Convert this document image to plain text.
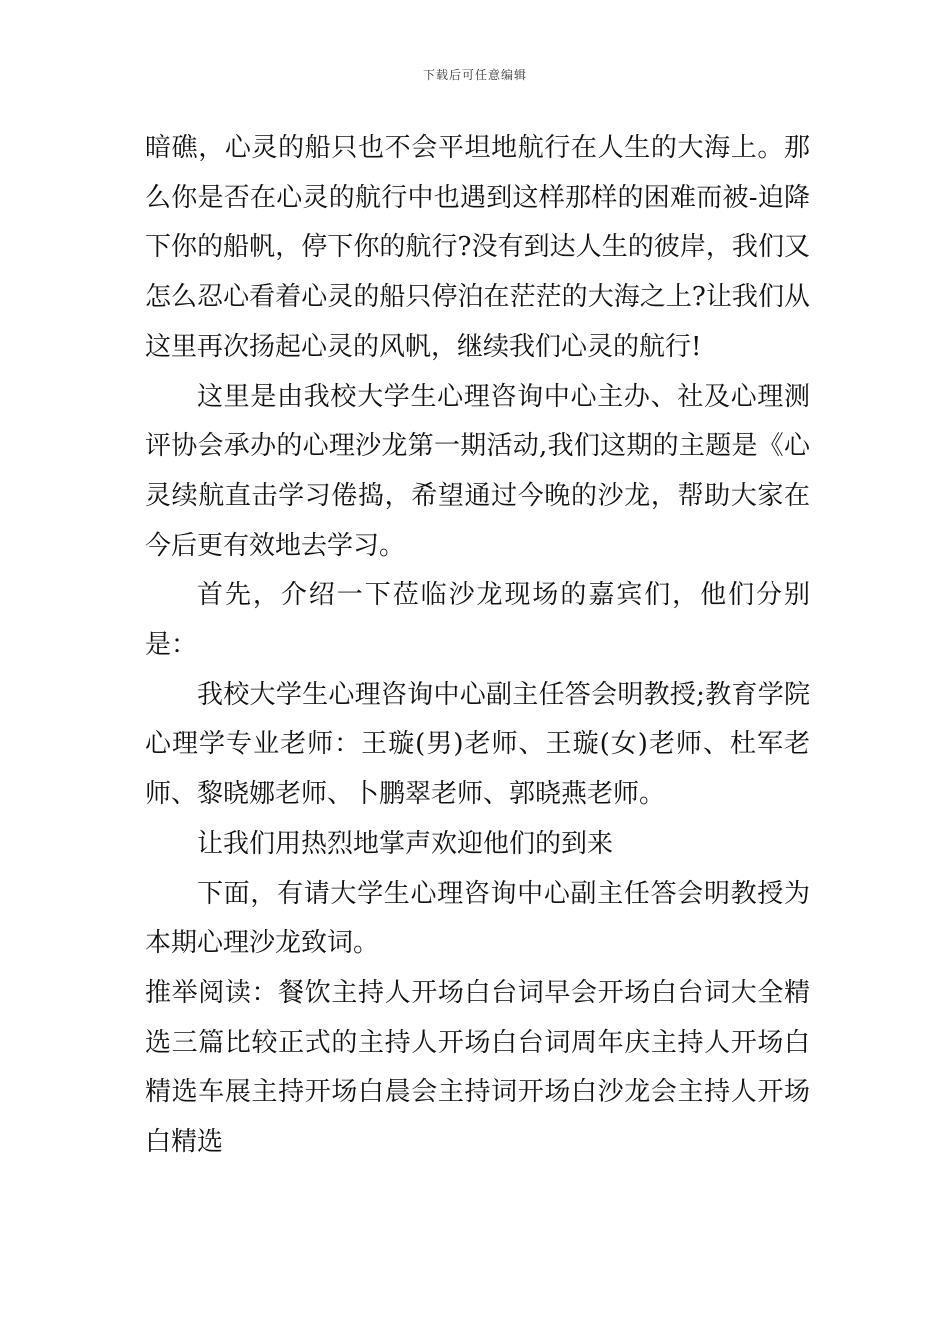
下载后可任意编辑

暗礁，心灵的船只也不会平坦地航行在人生的大海上。那么你是否在心灵的航行中也遇到这样那样的困难而被-迫降下你的船帆，停下你的航行?没有到达人生的彼岸，我们又怎么忍心看着心灵的船只停泊在茫茫的大海之上?让我们从这里再次扬起心灵的风帆，继续我们心灵的航行!

这里是由我校大学生心理咨询中心主办、社及心理测评协会承办的心理沙龙第一期活动,我们这期的主题是《心灵续航直击学习倦捣，希望通过今晚的沙龙，帮助大家在今后更有效地去学习。

首先，介绍一下莅临沙龙现场的嘉宾们，他们分别是：

我校大学生心理咨询中心副主任答会明教授;教育学院心理学专业老师：王璇(男)老师、王璇(女)老师、杜军老师、黎晓娜老师、卜鹏翠老师、郭晓燕老师。

让我们用热烈地掌声欢迎他们的到来

下面，有请大学生心理咨询中心副主任答会明教授为本期心理沙龙致词。

推举阅读：餐饮主持人开场白台词早会开场白台词大全精选三篇比较正式的主持人开场白台词周年庆主持人开场白精选车展主持开场白晨会主持词开场白沙龙会主持人开场白精选
